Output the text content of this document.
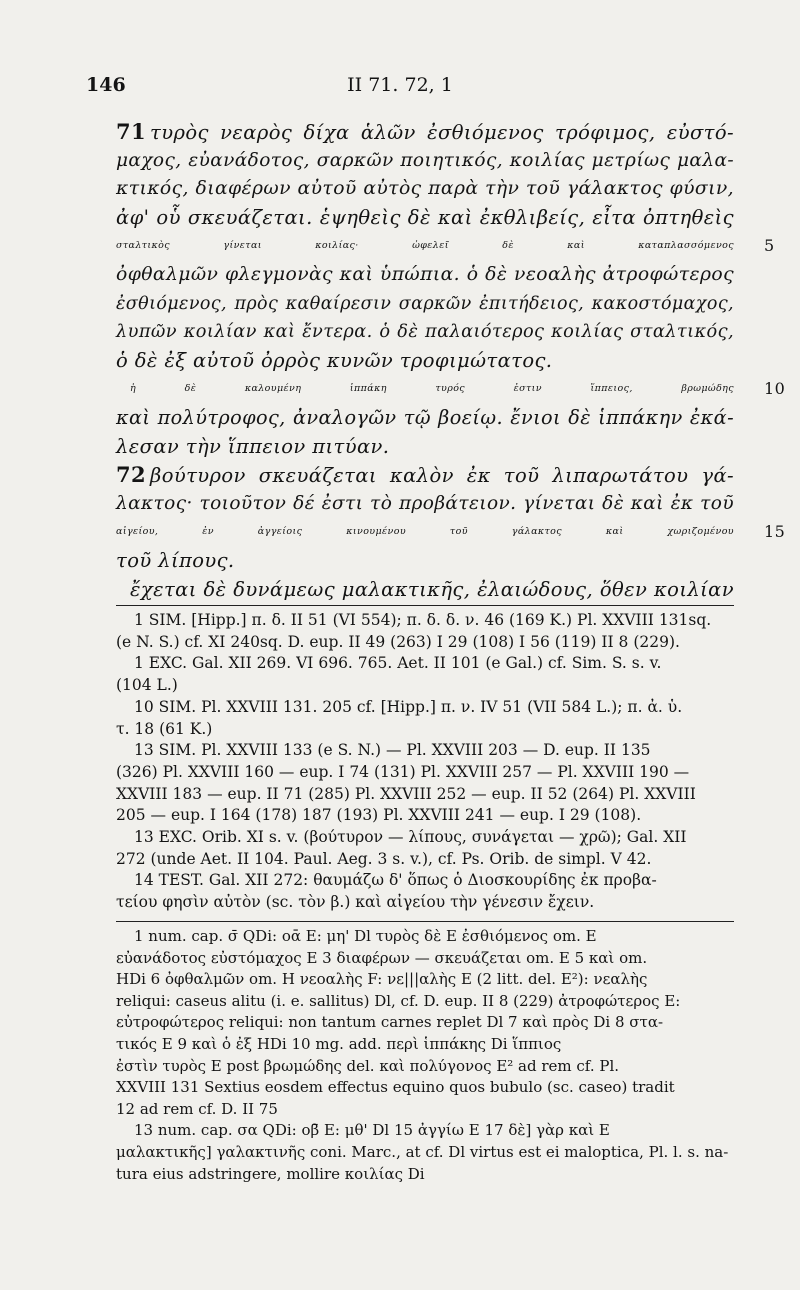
146	II 71. 72, 1
71 τυρὸς νεαρὸς δίχα ἁλῶν ἐσθιόμενος τρόφιμος, εὐστό-
μαχος, εὐανάδοτος, σαρκῶν ποιητικός, κοιλίας μετρίως μαλα-
κτικός, διαφέρων αὐτοῦ αὐτὸς παρὰ τὴν τοῦ γάλακτος φύσιν,
ἀφ' οὗ σκευάζεται. ἑψηθεὶς δὲ καὶ ἐκθλιβείς, εἶτα ὀπτηθεὶς
σταλτικὸς γίνεται κοιλίας· ὠφελεῖ δὲ καὶ καταπλασσόμενος 5
ὀφθαλμῶν φλεγμονὰς καὶ ὑπώπια. ὁ δὲ νεοαλὴς ἀτροφώτερος
ἐσθιόμενος, πρὸς καθαίρεσιν σαρκῶν ἐπιτήδειος, κακοστόμαχος,
λυπῶν κοιλίαν καὶ ἔντερα. ὁ δὲ παλαιότερος κοιλίας σταλτικός,
ὁ δὲ ἐξ αὐτοῦ ὀρρὸς κυνῶν τροφιμώτατος.
ἡ δὲ καλουμένη ἱππάκη τυρός ἐστιν ἵππειος, βρωμώδης 10
καὶ πολύτροφος, ἀναλογῶν τῷ βοείῳ. ἔνιοι δὲ ἱππάκην ἐκά-
λεσαν τὴν ἵππειον πιτύαν.
72 βούτυρον σκευάζεται καλὸν ἐκ τοῦ λιπαρωτάτου γά-
λακτος· τοιοῦτον δέ ἐστι τὸ προβάτειον. γίνεται δὲ καὶ ἐκ τοῦ
αἰγείου, ἐν ἀγγείοις κινουμένου τοῦ γάλακτος καὶ χωριζομένου 15
τοῦ λίπους.
ἔχεται δὲ δυνάμεως μαλακτικῆς, ἐλαιώδους, ὅθεν κοιλίαν
1 SIM. [Hipp.] π. δ. II 51 (VI 554); π. δ. δ. ν. 46 (169 K.) Pl. XXVIII 131sq.
(e N. S.) cf. XI 240sq. D. eup. II 49 (263) I 29 (108) I 56 (119) II 8 (229).
1 EXC. Gal. XII 269. VI 696. 765. Aet. II 101 (e Gal.) cf. Sim. S. s. v.
(104 L.)
10 SIM. Pl. XXVIII 131. 205 cf. [Hipp.] π. ν. IV 51 (VII 584 L.); π. ἀ. ὑ.
τ. 18 (61 K.)
13 SIM. Pl. XXVIII 133 (e S. N.) — Pl. XXVIII 203 — D. eup. II 135
(326) Pl. XXVIII 160 — eup. I 74 (131) Pl. XXVIII 257 — Pl. XXVIII 190 —
XXVIII 183 — eup. II 71 (285) Pl. XXVIII 252 — eup. II 52 (264) Pl. XXVIII
205 — eup. I 164 (178) 187 (193) Pl. XXVIII 241 — eup. I 29 (108).
13 EXC. Orib. XI s. v. (βούτυρον — λίπους, συνάγεται — χρῶ); Gal. XII
272 (unde Aet. II 104. Paul. Aeg. 3 s. v.), cf. Ps. Orib. de simpl. V 42.
14 TEST. Gal. XII 272: θαυμάζω δ' ὅπως ὁ Διοσκουρίδης ἐκ προβα-
τείου φησὶν αὐτὸν (sc. τὸν β.) καὶ αἰγείου τὴν γένεσιν ἔχειν.
1 num. cap. σ̄ QDi: οᾱ E: μη' Dl τυρὸς δὲ E ἐσθιόμενος om. E
εὐανάδοτος εὐστόμαχος E 3 διαφέρων — σκευάζεται om. E 5 καὶ om.
HDi 6 ὀφθαλμῶν om. H νεοαλὴς F: νε|||αλὴς E (2 litt. del. E²): νεαλὴς
reliqui: caseus alitu (i. e. sallitus) Dl, cf. D. eup. II 8 (229) ἀτροφώτερος E:
εὐτροφώτερος reliqui: non tantum carnes replet Dl 7 καὶ πρὸς Di 8 στα-
τικός E 9 καὶ ὁ ἐξ HDi 10 mg. add. περὶ ἱππάκης Di ἵππιος
ἐστὶν τυρὸς E post βρωμώδης del. καὶ πολύγονος E² ad rem cf. Pl.
XXVIII 131 Sextius eosdem effectus equino quos bubulo (sc. caseo) tradit
12 ad rem cf. D. II 75
13 num. cap. σα QDi: οβ̄ E: μθ' Dl 15 ἀγγίω E 17 δὲ] γὰρ καὶ E
μαλακτικῆς] γαλακτινῆς coni. Marc., at cf. Dl virtus est ei maloptica, Pl. l. s. na-
tura eius adstringere, mollire κοιλίας Di
